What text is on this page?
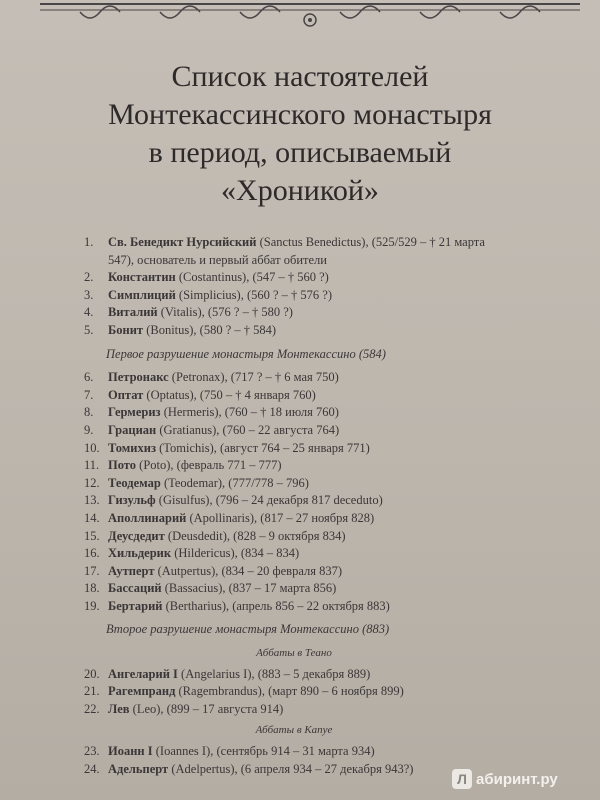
Список настоятелей
Монтекассинского монастыря
в период, описываемый
«Хроникой»
1.	Св. Бенедикт Нурсийский (Sanctus Benedictus), (525/529 – † 21 марта 547), основатель и первый аббат обители
2.	Константин (Costantinus), (547 – † 560 ?)
3.	Симплиций (Simplicius), (560 ? – † 576 ?)
4.	Виталий (Vitalis), (576 ? – † 580 ?)
5.	Бонит (Bonitus), (580 ? – † 584)
Первое разрушение монастыря Монтекассино (584)
6.	Петронакс (Petronax), (717 ? – † 6 мая 750)
7.	Оптат (Optatus), (750 – † 4 января 760)
8.	Гермериз (Hermeris), (760 – † 18 июля 760)
9.	Грациан (Gratianus), (760 – 22 августа 764)
10. Томихиз (Tomichis), (август 764 – 25 января 771)
11. Пото (Poto), (февраль 771 – 777)
12. Теодемар (Teodemar), (777/778 – 796)
13. Гизульф (Gisulfus), (796 – 24 декабря 817 deceduto)
14. Аполлинарий (Apollinaris), (817 – 27 ноября 828)
15. Деусдедит (Deusdedit), (828 – 9 октября 834)
16. Хильдерик (Hildericus), (834 – 834)
17. Аутперт (Autpertus), (834 – 20 февраля 837)
18. Бассаций (Bassacius), (837 – 17 марта 856)
19. Бертарий (Bertharius), (апрель 856 – 22 октября 883)
Второе разрушение монастыря Монтекассино (883)
Аббаты в Теано
20. Ангеларий I (Angelarius I), (883 – 5 декабря 889)
21. Рагемпранд (Ragembrandus), (март 890 – 6 ноября 899)
22. Лев (Leo), (899 – 17 августа 914)
Аббаты в Капуе
23. Иоанн I (Ioannes I), (сентябрь 914 – 31 марта 934)
24. Адельперт (Adelpertus), (6 апреля 934 – 27 декабря 943?)
Л абиринт.ру
